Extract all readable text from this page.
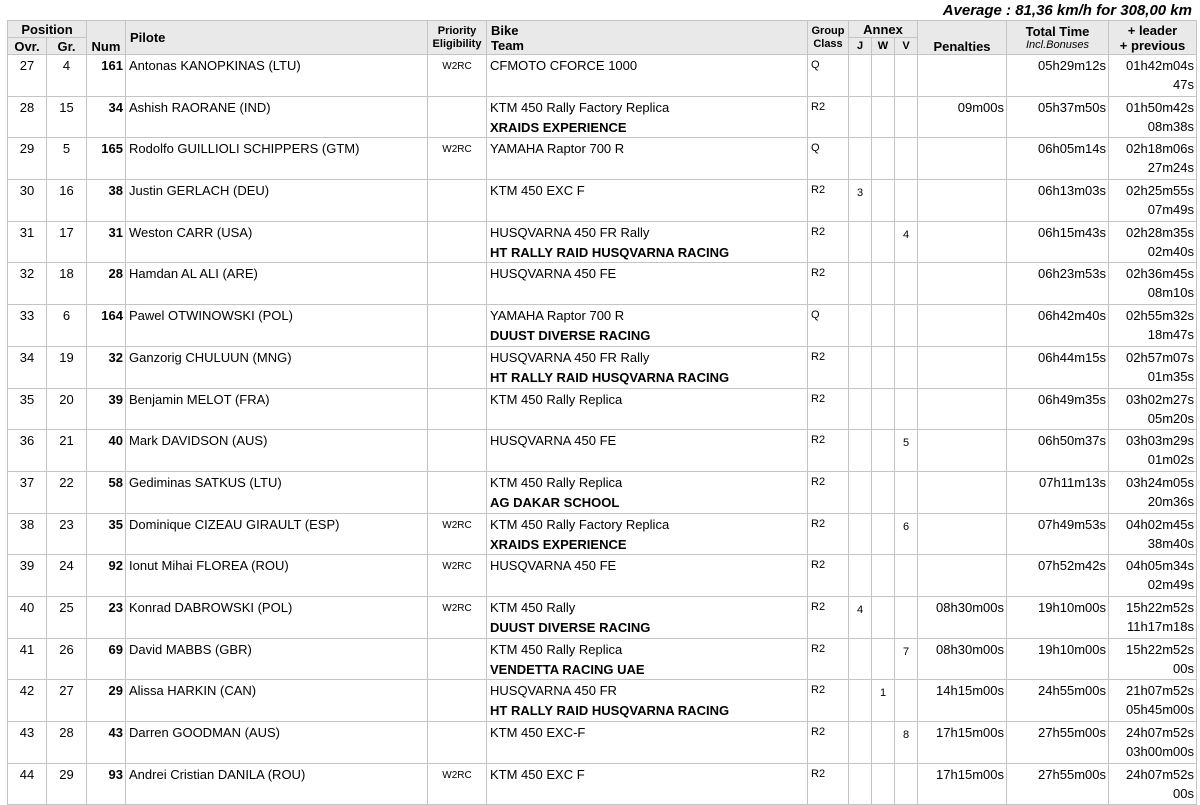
Average : 81,36 km/h for 308,00 km
Position		Num	Pilote	Priority
Eligibility	Bike
Team	Group
Class	Annex			Penalties	Total Time
Incl.Bonuses	+ leader
+ previous

Ovr.	Gr.						J	W	V			
27	4	161	Antonas KANOPKINAS (LTU)	W2RC	CFMOTO CFORCE 1000	Q					05h29m12s	01h42m04s
47s

28	15	34	Ashish RAORANE (IND)		KTM 450 Rally Factory Replica
XRAIDS EXPERIENCE	R2				09m00s	05h37m50s	01h50m42s
08m38s

29	5	165	Rodolfo GUILLIOLI SCHIPPERS (GTM)	W2RC	YAMAHA Raptor 700 R	Q					06h05m14s	02h18m06s
27m24s

30	16	38	Justin GERLACH (DEU)		KTM 450 EXC F	R2	3				06h13m03s	02h25m55s
07m49s

31	17	31	Weston CARR (USA)		HUSQVARNA 450 FR Rally
HT RALLY RAID HUSQVARNA RACING	R2			4		06h15m43s	02h28m35s
02m40s

32	18	28	Hamdan AL ALI (ARE)		HUSQVARNA 450 FE	R2					06h23m53s	02h36m45s
08m10s

33	6	164	Pawel OTWINOWSKI (POL)		YAMAHA Raptor 700 R
DUUST DIVERSE RACING	Q					06h42m40s	02h55m32s
18m47s

34	19	32	Ganzorig CHULUUN (MNG)		HUSQVARNA 450 FR Rally
HT RALLY RAID HUSQVARNA RACING	R2					06h44m15s	02h57m07s
01m35s

35	20	39	Benjamin MELOT (FRA)		KTM 450 Rally Replica	R2					06h49m35s	03h02m27s
05m20s

36	21	40	Mark DAVIDSON (AUS)		HUSQVARNA 450 FE	R2			5		06h50m37s	03h03m29s
01m02s

37	22	58	Gediminas SATKUS (LTU)		KTM 450 Rally Replica
AG DAKAR SCHOOL	R2					07h11m13s	03h24m05s
20m36s

38	23	35	Dominique CIZEAU GIRAULT (ESP)	W2RC	KTM 450 Rally Factory Replica
XRAIDS EXPERIENCE	R2			6		07h49m53s	04h02m45s
38m40s

39	24	92	Ionut Mihai FLOREA (ROU)	W2RC	HUSQVARNA 450 FE	R2					07h52m42s	04h05m34s
02m49s

40	25	23	Konrad DABROWSKI (POL)	W2RC	KTM 450 Rally
DUUST DIVERSE RACING	R2	4			08h30m00s	19h10m00s	15h22m52s
11h17m18s

41	26	69	David MABBS (GBR)		KTM 450 Rally Replica
VENDETTA RACING UAE	R2			7	08h30m00s	19h10m00s	15h22m52s
00s

42	27	29	Alissa HARKIN (CAN)		HUSQVARNA 450 FR
HT RALLY RAID HUSQVARNA RACING	R2		1		14h15m00s	24h55m00s	21h07m52s
05h45m00s

43	28	43	Darren GOODMAN (AUS)		KTM 450 EXC-F	R2			8	17h15m00s	27h55m00s	24h07m52s
03h00m00s

44	29	93	Andrei Cristian DANILA (ROU)	W2RC	KTM 450 EXC F	R2				17h15m00s	27h55m00s	24h07m52s
00s
